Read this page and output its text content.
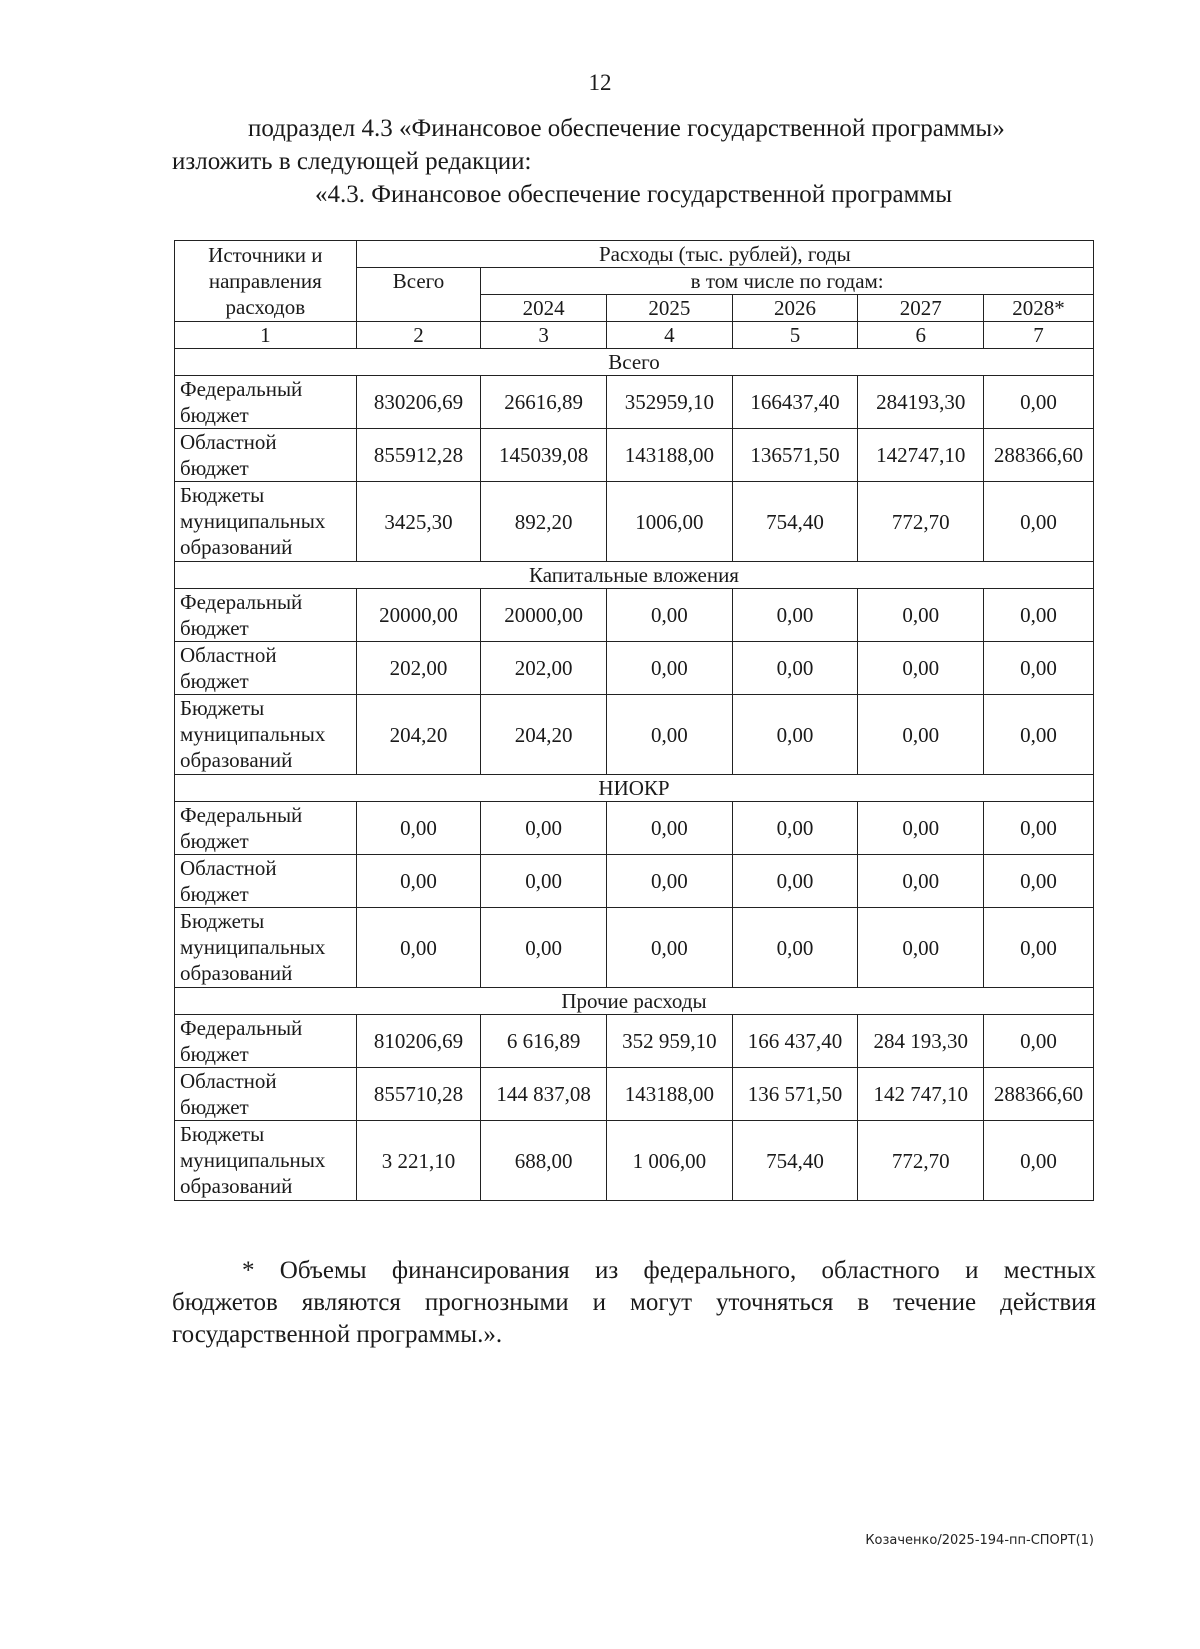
12
подраздел 4.3 «Финансовое обеспечение государственной программы»
изложить в следующей редакции:
«4.3. Финансовое обеспечение государственной программы
Источники и
направления
расходов	Расходы (тыс. рублей), годы					
	Всего	в том числе по годам:				
		2024	2025	2026	2027	2028*
1	2	3	4	5	6	7
Всего						

Федеральный
бюджет	830206,69	26616,89	352959,10	166437,40	284193,30	0,00

Областной
бюджет	855912,28	145039,08	143188,00	136571,50	142747,10	288366,60

Бюджеты
муниципальных
образований	3425,30	892,20	1006,00	754,40	772,70	0,00
Капитальные вложения						

Федеральный
бюджет	20000,00	20000,00	0,00	0,00	0,00	0,00

Областной
бюджет	202,00	202,00	0,00	0,00	0,00	0,00

Бюджеты
муниципальных
образований	204,20	204,20	0,00	0,00	0,00	0,00
НИОКР						

Федеральный
бюджет	0,00	0,00	0,00	0,00	0,00	0,00

Областной
бюджет	0,00	0,00	0,00	0,00	0,00	0,00

Бюджеты
муниципальных
образований	0,00	0,00	0,00	0,00	0,00	0,00
Прочие расходы						

Федеральный
бюджет	810206,69	6 616,89	352 959,10	166 437,40	284 193,30	0,00

Областной
бюджет	855710,28	144 837,08	143188,00	136 571,50	142 747,10	288366,60

Бюджеты
муниципальных
образований	3 221,10	688,00	1 006,00	754,40	772,70	0,00
* Объемы финансирования из федерального, областного и местных
бюджетов являются прогнозными и могут уточняться в течение действия
государственной программы.».
Козаченко/2025-194-пп-СПОРТ(1)
